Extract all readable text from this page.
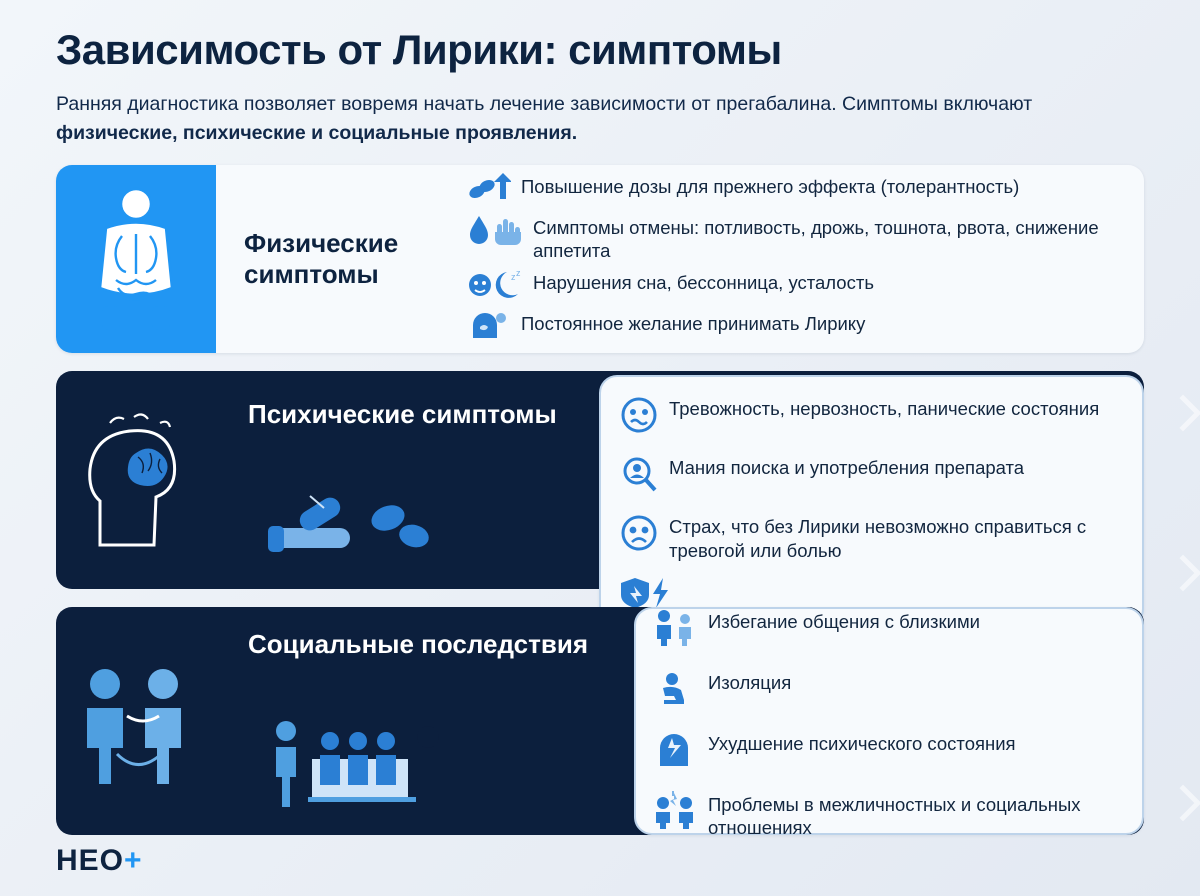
Зависимость от Лирики: симптомы

Ранняя диагностика позволяет вовремя начать лечение зависимости от прегабалина. Симптомы включают физические, психические и социальные проявления.

Физические симптомы
Повышение дозы для прежнего эффекта (толерантность)
Симптомы отмены: потливость, дрожь, тошнота, рвота, снижение аппетита
z z Нарушения сна, бессонница, усталость
Постоянное желание принимать Лирику
Психические симптомы	Тревожность, нервозность, панические состояния
Мания поиска и употребления препарата
Страх, что без Лирики невозможно справиться с тревогой или болью
Социальные последствия
Избегание общения с близкими
Изоляция
Ухудшение психического состояния
Проблемы в межличностных и социальных отношениях
НЕО+
